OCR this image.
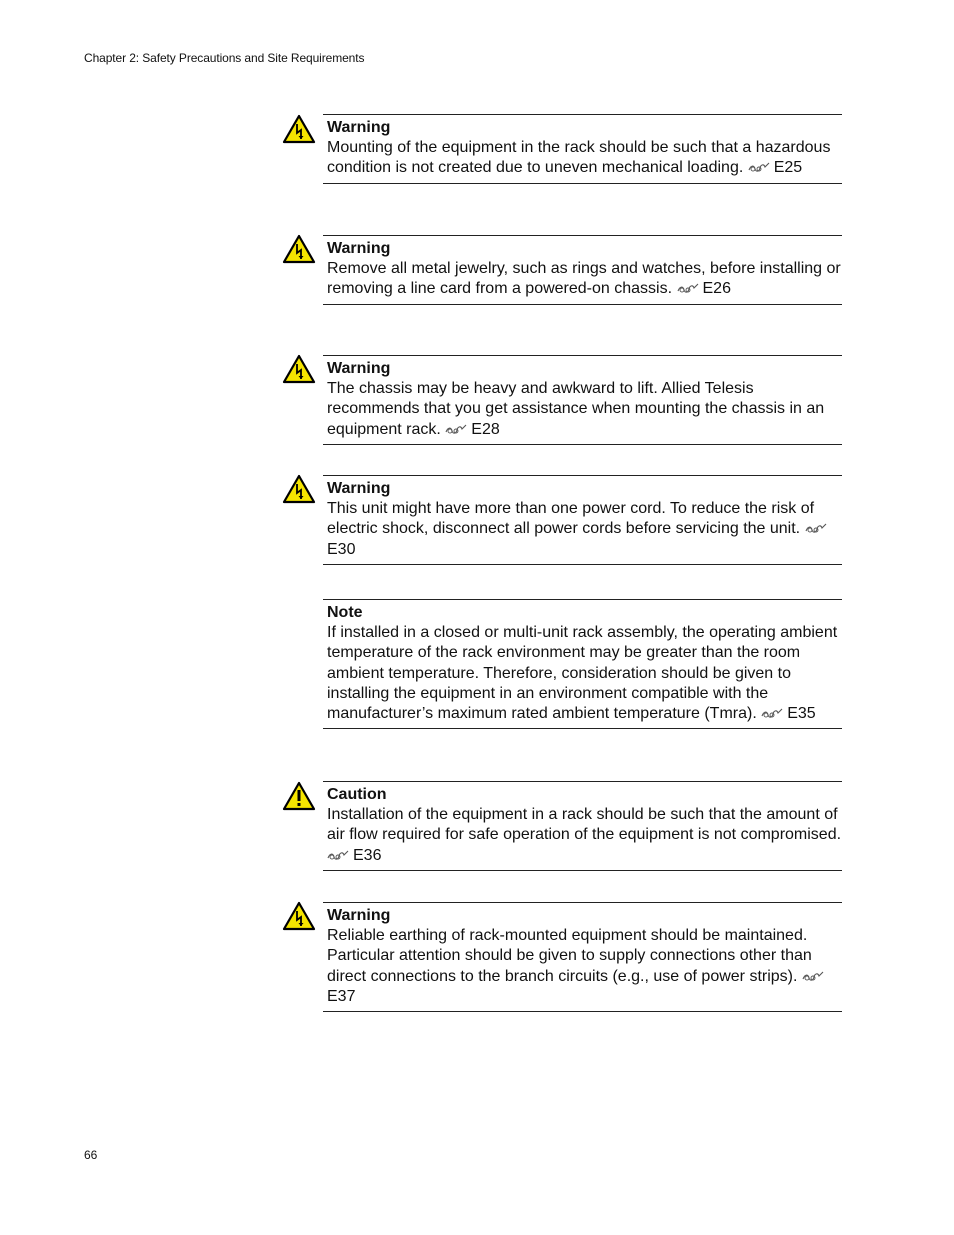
Chapter 2: Safety Precautions and Site Requirements
Warning
Mounting of the equipment in the rack should be such that a hazardous condition is not created due to uneven mechanical loading. E25
Warning
Remove all metal jewelry, such as rings and watches, before installing or removing a line card from a powered-on chassis. E26
Warning
The chassis may be heavy and awkward to lift. Allied Telesis recommends that you get assistance when mounting the chassis in an equipment rack. E28
Warning
This unit might have more than one power cord. To reduce the risk of electric shock, disconnect all power cords before servicing the unit. E30
Note
If installed in a closed or multi-unit rack assembly, the operating ambient temperature of the rack environment may be greater than the room ambient temperature. Therefore, consideration should be given to installing the equipment in an environment compatible with the manufacturer’s maximum rated ambient temperature (Tmra). E35
Caution
Installation of the equipment in a rack should be such that the amount of air flow required for safe operation of the equipment is not compromised. E36
Warning
Reliable earthing of rack-mounted equipment should be maintained. Particular attention should be given to supply connections other than direct connections to the branch circuits (e.g., use of power strips). E37
66
